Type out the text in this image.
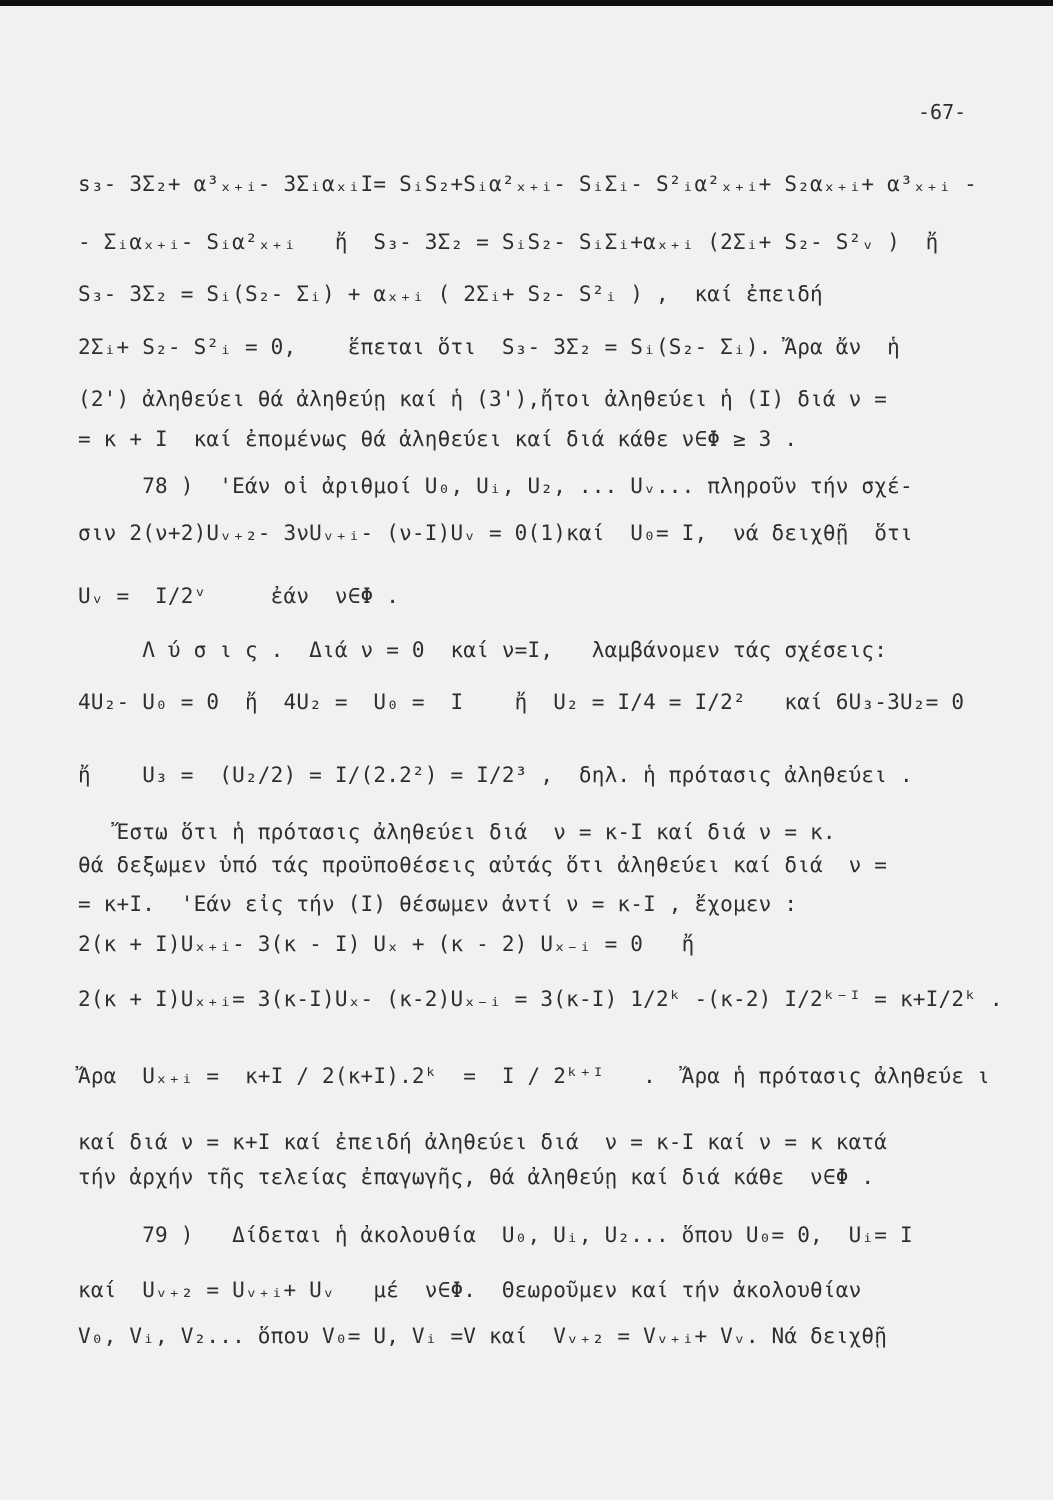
-67-
s₃- 3Σ₂+ α³ₓ₊ᵢ- 3ΣᵢαₓᵢΙ= SᵢS₂+Sᵢα²ₓ₊ᵢ- SᵢΣᵢ- S²ᵢα²ₓ₊ᵢ+ S₂αₓ₊ᵢ+ α³ₓ₊ᵢ -
- Σᵢαₓ₊ᵢ- Sᵢα²ₓ₊ᵢ   ἤ  S₃- 3Σ₂ = SᵢS₂- SᵢΣᵢ+αₓ₊ᵢ (2Σᵢ+ S₂- S²ᵥ )  ἤ
S₃- 3Σ₂ = Sᵢ(S₂- Σᵢ) + αₓ₊ᵢ ( 2Σᵢ+ S₂- S²ᵢ ) ,  καί ἐπειδή
2Σᵢ+ S₂- S²ᵢ = 0,    ἕπεται ὅτι  S₃- 3Σ₂ = Sᵢ(S₂- Σᵢ). Ἄρα ἄν  ἡ
(2') ἀληθεύει θά ἀληθεύῃ καί ἡ (3'),ἤτοι ἀληθεύει ἡ (I) διά ν =
= κ + I  καί ἐπομένως θά ἀληθεύει καί διά κάθε ν∈Φ ≥ 3 .
78 )  'Εάν οἱ ἀριθμοί U₀, Uᵢ, U₂, ... Uᵥ... πληροῦν τήν σχέ-
σιν 2(ν+2)Uᵥ₊₂- 3νUᵥ₊ᵢ- (ν-I)Uᵥ = 0(1)καί  U₀= I,  νά δειχθῇ  ὅτι
Uᵥ =  I/2ᵛ     ἐάν  ν∈Φ .
Λ ύ σ ι ς .  Διά ν = 0  καί ν=I,   λαμβάνομεν τάς σχέσεις:
4U₂- U₀ = 0  ἤ  4U₂ =  U₀ =  I    ἤ  U₂ = I/4 = I/2²   καί 6U₃-3U₂= 0
ἤ    U₃ =  (U₂/2) = I/(2.2²) = I/2³ ,  δηλ. ἡ πρότασις ἀληθεύει .
Ἔστω ὅτι ἡ πρότασις ἀληθεύει διά  ν = κ-I καί διά ν = κ.
θά δεξωμεν ὑπό τάς προϋποθέσεις αὐτάς ὅτι ἀληθεύει καί διά  ν =
= κ+I.  'Εάν εἰς τήν (I) θέσωμεν ἀντί ν = κ-I , ἔχομεν :
2(κ + I)Uₓ₊ᵢ- 3(κ - I) Uₓ + (κ - 2) Uₓ₋ᵢ = 0   ἤ
2(κ + I)Uₓ₊ᵢ= 3(κ-I)Uₓ- (κ-2)Uₓ₋ᵢ = 3(κ-I) 1/2ᵏ -(κ-2) I/2ᵏ⁻ᴵ = κ+I/2ᵏ .
Ἄρα  Uₓ₊ᵢ =  κ+I / 2(κ+I).2ᵏ  =  I / 2ᵏ⁺ᴵ   .  Ἄρα ἡ πρότασις ἀληθεύε ι
καί διά ν = κ+I καί ἐπειδή ἀληθεύει διά  ν = κ-I καί ν = κ κατά
τήν ἀρχήν τῆς τελείας ἐπαγωγῆς, θά ἀληθεύῃ καί διά κάθε  ν∈Φ .
79 )   Δίδεται ἡ ἀκολουθία  U₀, Uᵢ, U₂... ὅπου U₀= 0,  Uᵢ= I
καί  Uᵥ₊₂ = Uᵥ₊ᵢ+ Uᵥ   μέ  ν∈Φ.  Θεωροῦμεν καί τήν ἀκολουθίαν
V₀, Vᵢ, V₂... ὅπου V₀= U, Vᵢ =V καί  Vᵥ₊₂ = Vᵥ₊ᵢ+ Vᵥ. Νά δειχθῇ
